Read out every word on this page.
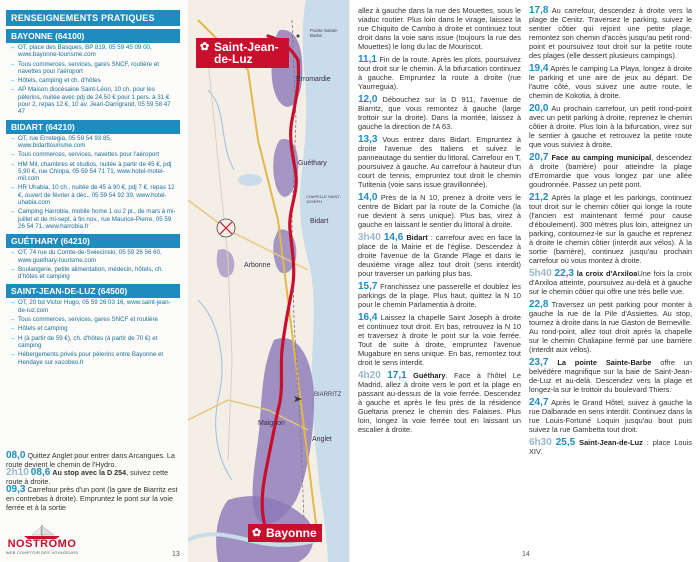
RENSEIGNEMENTS PRATIQUES
BAYONNE (64100)
→ OT, place des Basques, BP 819, 05 59 45 09 00, www.bayonne-tourisme.com
→ Tous commerces, services, gares SNCF, routière et navettes pour l'aéroport
→ Hôtels, camping et ch. d'hôtes
→ AP Maison diocésaine Saint-Léon, 10 ch. pour les pèlerins, nuitée avec pdj de 24,50 € pour 1 pers. à 31 € pour 2, repas 12 €, 10 av. Jean-Darrigrand, 05 59 58 47 47
BIDART (64210)
→ OT, rue Erretegia, 05 59 54 93 85, www.bidarttourisme.com
→ Tous commerces, services, navettes pour l'aéroport
→ HM Mil, chambres et studios, nuitée à partir de 45 €, pdj 5,90 €, rue Chiripa, 05 59 54 71 71, www.hotel-motel-mil.com
→ HR Uhabia, 10 ch., nuitée de 45 à 90 €, pdj 7 €, repas 12 €, ouvert de février à déc., 05 59 54 92 39, www.hotel-uhabia.com
→ Camping Harrobia, mobile home 1 ou 2 pl., de mars à mi-juillet et de mi-sept. à fin nov., rue Maurice-Pierre, 05 59 26 54 71, www.harrobia.fr
GUÉTHARY (64210)
→ OT, 74 rue du Comte-de-Swiecinski, 05 59 26 56 60, www.guethary-tourisme.com
→ Boulangerie, petite alimentation, médecin, hôtels, ch. d'hôtes et camping
SAINT-JEAN-DE-LUZ (64500)
→ OT, 20 bd Victor Hugo, 05 59 26 03 16, www.saint-jean-de-luz.com
→ Tous commerces, services, gares SNCF et routière
→ Hôtels et camping
→ H (à partir de 59 €), ch. d'hôtes (à partir de 70 €) et camping
→ Hébergements privés pour pèlerins entre Bayonne et Hendaye sur xacobeo.fr
08,0 Quittez Anglet pour entrer dans Arcangues. La route devient le chemin de l'Hydro.
2h10 08,6 Au stop avec la D 254, suivez cette route à droite.
09,3 Carrefour près d'un pont (la gare de Biarritz est en contrebas à droite). Empruntez le pont sur la voie ferrée et à la sortie
✿ Saint-Jean-de-Luz
✿ Bayonne
Pointe Sainte-Barbe
Erromardie
Guéthary
CHAPELLE SAINT-JOSEPH
Bidart
Arbonne
BIARRITZ
Anglet
Maignon
13
NOSTROMO
WEB COMPTOIR DES VOYAGEURS
allez à gauche dans la rue des Mouettes, sous le viaduc routier. Plus loin dans le virage, laissez la rue Chiquito de Cambo à droite et continuez tout droit dans la voie sans issue (toujours la rue des Mouettes) le long du lac de Mouriscot.
11,1 Fin de la route. Après les plots, poursuivez tout droit sur le chemin. À la bifurcation continuez à gauche. Empruntez la route à droite (rue Yaurreguia).
12,0 Débouchez sur la D 911, l'avenue de Biarritz, que vous remontez à gauche (large trottoir sur la droite). Dans la montée, laissez à gauche la direction de l'A 63.
13,3 Vous entrez dans Bidart. Empruntez à droite l'avenue des Italiens et suivez le panneautage du sentier du littoral. Carrefour en T, poursuivez à gauche. Au carrefour à hauteur d'un court de tennis, empruntez tout droit le chemin Tutitenia (voie sans issue gravillonnée).
14,0 Près de la N 10, prenez à droite vers le centre de Bidart par la route de la Corniche (la rue devient à sens unique). Plus bas, virez à gauche en laissant le sentier du littoral à droite.
3h40 14,6 Bidart : carrefour avec en face la place de la Mairie et de l'église. Descendez à droite l'avenue de la Grande Plage et dans le deuxième virage allez tout droit (sens interdit) pour traverser un parking plus bas.
15,7 Franchissez une passerelle et doublez les parkings de la plage. Plus haut, quittez la N 10 pour le chemin Parlamentia à droite.
16,4 Laissez la chapelle Saint Joseph à droite et continuez tout droit. En bas, retrouvez la N 10 et traversez à droite le pont sur la voie ferrée. Tout de suite à droite, empruntez l'avenue Mugabure en sens unique. En bas, remontez tout droit le sens interdit.
4h20 17,1 Guéthary. Face à l'hôtel Le Madrid, allez à droite vers le port et la plage en passant au-dessus de la voie ferrée. Descendez à gauche et après le feu près de la résidence Gueltaria prenez le chemin des Falaises. Plus loin, longez la voie ferrée tout en laissant un escalier à droite.
17,8 Au carrefour, descendez à droite vers la plage de Cenitz. Traversez le parking, suivez le sentier côtier qui rejoint une petite plage, remontez son chemin d'accès jusqu'au petit rond-point et poursuivez tout droit sur la petite route des plages (elle dessert plusieurs campings).
19,4 Après le camping La Playa, longez à droite le parking et une aire de jeux au départ. De l'autre côté, vous suivez une autre route, le chemin de Kokotia, à droite.
20,0 Au prochain carrefour, un petit rond-point avec un petit parking à droite, reprenez le chemin côtier à droite. Plus loin à la bifurcation, virez sur le sentier à gauche et retrouvez la petite route que vous suiviez à droite.
20,7 Face au camping municipal, descendez à droite (barrière) pour atteindre la plage d'Erromardie que vous longez par une allée goudronnée. Passez un petit pont.
21,2 Après la plage et les parkings, continuez tout droit sur le chemin côtier qui longe la route (l'ancien est maintenant fermé pour cause d'éboulement). 300 mètres plus loin, atteignez un parking, contournez-le sur la gauche et reprenez à droite le chemin côtier (interdit aux vélos). À la sortie (barrière), continuez jusqu'au prochain carrefour où vous montez à droite.
5h40 22,3 la croix d'ArxiloaUne fois la croix d'Arxiloa atteinte, poursuivez au-delà et à gauche sur le chemin côtier qui offre une très belle vue.
22,8 Traversez un petit parking pour monter à gauche la rue de la Pile d'Assiettes. Au stop, tournez à droite dans la rue Gaston de Berneville. Au rond-point, allez tout droit après la chapelle sur le chemin Chaliapine fermé par une barrière (interdit aux vélos).
23,7 La pointe Sainte-Barbe offre un belvédère magnifique sur la baie de Saint-Jean-de-Luz et au-delà. Descendez vers la plage et longez-la sur le trottoir du boulevard Thiers.
24,7 Après le Grand Hôtel, suivez à gauche la rue Dalbarade en sens interdit. Continuez dans la rue Louis-Fortuné Loquin jusqu'au bout puis suivez la rue Gambetta tout droit.
6h30 25,5 Saint-Jean-de-Luz : place Louis XIV.
14
